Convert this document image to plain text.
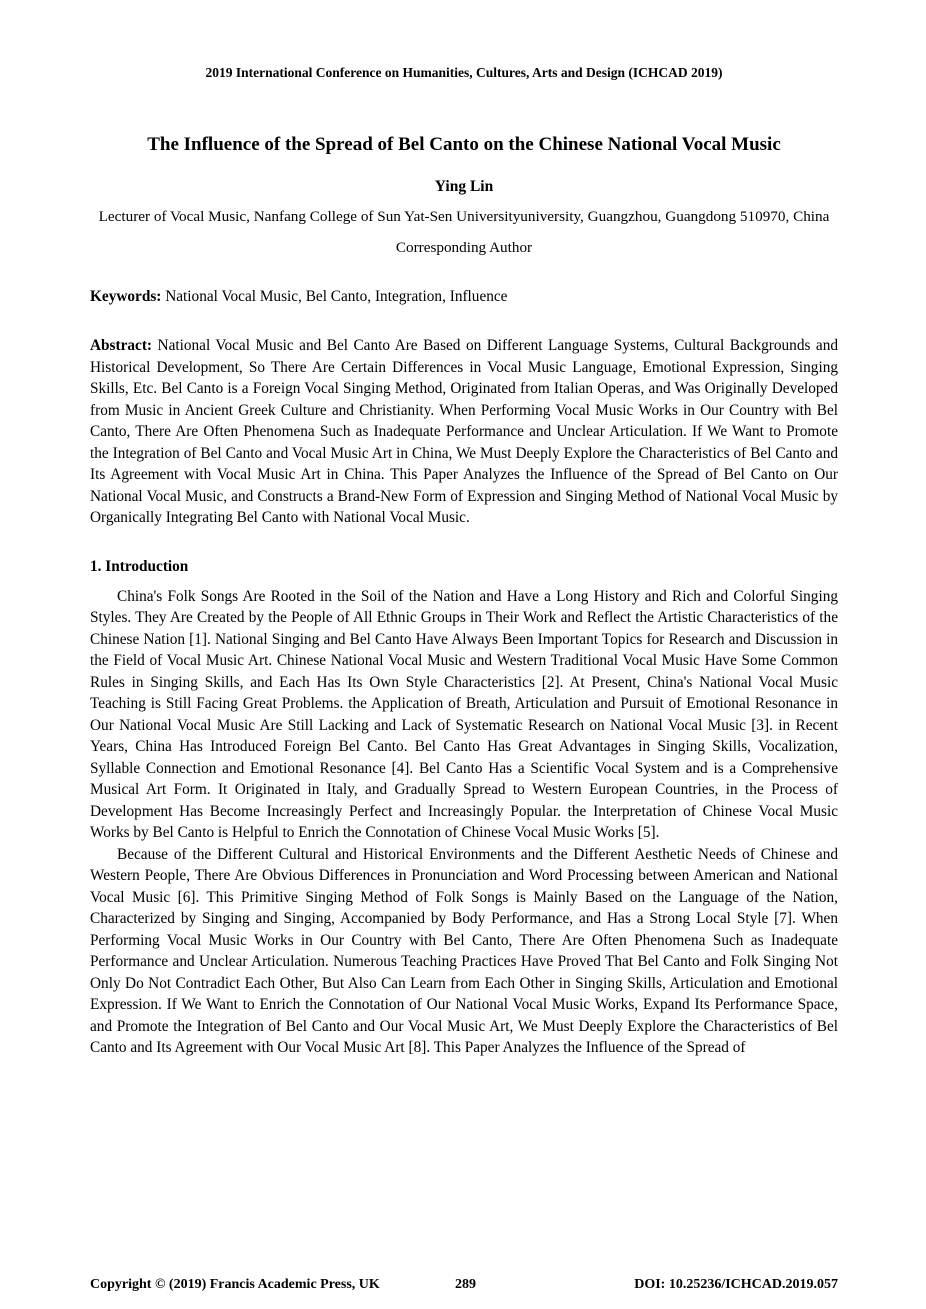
2019 International Conference on Humanities, Cultures, Arts and Design (ICHCAD 2019)
The Influence of the Spread of Bel Canto on the Chinese National Vocal Music
Ying Lin
Lecturer of Vocal Music, Nanfang College of Sun Yat-Sen Universityuniversity, Guangzhou, Guangdong 510970, China
Corresponding Author

Keywords: National Vocal Music, Bel Canto, Integration, Influence

Abstract: National Vocal Music and Bel Canto Are Based on Different Language Systems, Cultural Backgrounds and Historical Development, So There Are Certain Differences in Vocal Music Language, Emotional Expression, Singing Skills, Etc. Bel Canto is a Foreign Vocal Singing Method, Originated from Italian Operas, and Was Originally Developed from Music in Ancient Greek Culture and Christianity. When Performing Vocal Music Works in Our Country with Bel Canto, There Are Often Phenomena Such as Inadequate Performance and Unclear Articulation. If We Want to Promote the Integration of Bel Canto and Vocal Music Art in China, We Must Deeply Explore the Characteristics of Bel Canto and Its Agreement with Vocal Music Art in China. This Paper Analyzes the Influence of the Spread of Bel Canto on Our National Vocal Music, and Constructs a Brand-New Form of Expression and Singing Method of National Vocal Music by Organically Integrating Bel Canto with National Vocal Music.

1. Introduction

China's Folk Songs Are Rooted in the Soil of the Nation and Have a Long History and Rich and Colorful Singing Styles. They Are Created by the People of All Ethnic Groups in Their Work and Reflect the Artistic Characteristics of the Chinese Nation [1]. National Singing and Bel Canto Have Always Been Important Topics for Research and Discussion in the Field of Vocal Music Art. Chinese National Vocal Music and Western Traditional Vocal Music Have Some Common Rules in Singing Skills, and Each Has Its Own Style Characteristics [2]. At Present, China's National Vocal Music Teaching is Still Facing Great Problems. the Application of Breath, Articulation and Pursuit of Emotional Resonance in Our National Vocal Music Are Still Lacking and Lack of Systematic Research on National Vocal Music [3]. in Recent Years, China Has Introduced Foreign Bel Canto. Bel Canto Has Great Advantages in Singing Skills, Vocalization, Syllable Connection and Emotional Resonance [4]. Bel Canto Has a Scientific Vocal System and is a Comprehensive Musical Art Form. It Originated in Italy, and Gradually Spread to Western European Countries, in the Process of Development Has Become Increasingly Perfect and Increasingly Popular. the Interpretation of Chinese Vocal Music Works by Bel Canto is Helpful to Enrich the Connotation of Chinese Vocal Music Works [5].

Because of the Different Cultural and Historical Environments and the Different Aesthetic Needs of Chinese and Western People, There Are Obvious Differences in Pronunciation and Word Processing between American and National Vocal Music [6]. This Primitive Singing Method of Folk Songs is Mainly Based on the Language of the Nation, Characterized by Singing and Singing, Accompanied by Body Performance, and Has a Strong Local Style [7]. When Performing Vocal Music Works in Our Country with Bel Canto, There Are Often Phenomena Such as Inadequate Performance and Unclear Articulation. Numerous Teaching Practices Have Proved That Bel Canto and Folk Singing Not Only Do Not Contradict Each Other, But Also Can Learn from Each Other in Singing Skills, Articulation and Emotional Expression. If We Want to Enrich the Connotation of Our National Vocal Music Works, Expand Its Performance Space, and Promote the Integration of Bel Canto and Our Vocal Music Art, We Must Deeply Explore the Characteristics of Bel Canto and Its Agreement with Our Vocal Music Art [8]. This Paper Analyzes the Influence of the Spread of

Copyright © (2019) Francis Academic Press, UK	289	DOI: 10.25236/ICHCAD.2019.057
